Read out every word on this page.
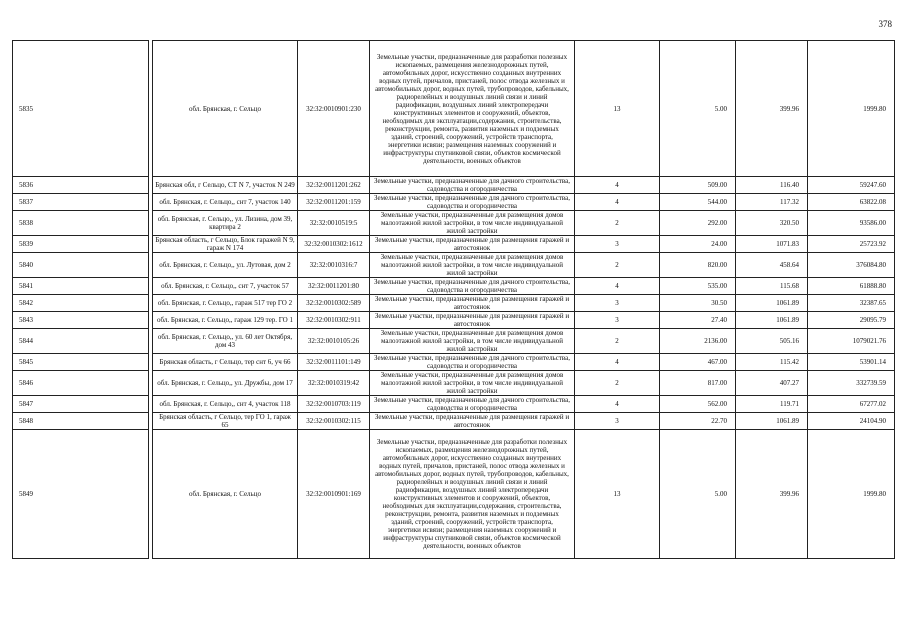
378
5835		обл. Брянская, г. Сельцо	32:32:0010901:230	Земельные участки, предназначенные для разработки полезных ископаемых, размещения железнодорожных путей, автомобильных дорог, искусственно созданных внутренних водных путей, причалов, пристаней, полос отвода железных и автомобильных дорог, водных путей, трубопроводов, кабельных, радиорелейных и воздушных линий связи и линий радиофикации, воздушных линий электропередачи конструктивных элементов и сооружений, объектов, необходимых для эксплуатации,содержания, строительства, реконструкции, ремонта, развития наземных и подземных зданий, строений, сооружений, устройств транспорта, энергетики исвязи; размещения наземных сооружений и инфраструктуры спутниковой связи, объектов космической деятельности, военных объектов	13	5.00	399.96	1999.80
5836		Брянская обл, г Сельцо, СТ N 7, участок N 249	32:32:0011201:262	Земельные участки, предназначенные для дачного строительства, садоводства и огородничества	4	509.00	116.40	59247.60
5837		обл. Брянская, г. Сельцо,, снт 7, участок 140	32:32:0011201:159	Земельные участки, предназначенные для дачного строительства, садоводства и огородничества	4	544.00	117.32	63822.08
5838		обл. Брянская, г. Сельцо,, ул. Лизина, дом 39, квартира 2	32:32:0010519:5	Земельные участки, предназначенные для размещения домов малоэтажной жилой застройки, в том числе индивидуальной жилой застройки	2	292.00	320.50	93586.00
5839		Брянская область, г Сельцо, Блок гаражей N 9, гараж N 174	32:32:0010302:1612	Земельные участки, предназначенные для размещения гаражей и автостоянок	3	24.00	1071.83	25723.92
5840		обл. Брянская, г. Сельцо,, ул. Лутовая, дом 2	32:32:0010316:7	Земельные участки, предназначенные для размещения домов малоэтажной жилой застройки, в том числе индивидуальной жилой застройки	2	820.00	458.64	376084.80
5841		обл. Брянская, г. Сельцо,, снт 7, участок 57	32:32:0011201:80	Земельные участки, предназначенные для дачного строительства, садоводства и огородничества	4	535.00	115.68	61888.80
5842		обл. Брянская, г. Сельцо,, гараж 517 тер ГО 2	32:32:0010302:589	Земельные участки, предназначенные для размещения гаражей и автостоянок	3	30.50	1061.89	32387.65
5843		обл. Брянская, г. Сельцо,, гараж 129 тер. ГО 1	32:32:0010302:911	Земельные участки, предназначенные для размещения гаражей и автостоянок	3	27.40	1061.89	29095.79
5844		обл. Брянская, г. Сельцо,, ул. 60 лет Октября, дом 43	32:32:0010105:26	Земельные участки, предназначенные для размещения домов малоэтажной жилой застройки, в том числе индивидуальной жилой застройки	2	2136.00	505.16	1079021.76
5845		Брянская область, г Сельцо, тер снт 6, уч 66	32:32:0011101:149	Земельные участки, предназначенные для дачного строительства, садоводства и огородничества	4	467.00	115.42	53901.14
5846		обл. Брянская, г. Сельцо,, ул. Дружбы, дом 17	32:32:0010319:42	Земельные участки, предназначенные для размещения домов малоэтажной жилой застройки, в том числе индивидуальной жилой застройки	2	817.00	407.27	332739.59
5847		обл. Брянская, г. Сельцо,, снт 4, участок 118	32:32:0010703:119	Земельные участки, предназначенные для дачного строительства, садоводства и огородничества	4	562.00	119.71	67277.02
5848		Брянская область, г Сельцо, тер ГО 1, гараж 65	32:32:0010302:115	Земельные участки, предназначенные для размещения гаражей и автостоянок	3	22.70	1061.89	24104.90
5849		обл. Брянская, г. Сельцо	32:32:0010901:169	Земельные участки, предназначенные для разработки полезных ископаемых, размещения железнодорожных путей, автомобильных дорог, искусственно созданных внутренних водных путей, причалов, пристаней, полос отвода железных и автомобильных дорог, водных путей, трубопроводов, кабельных, радиорелейных и воздушных линий связи и линий радиофикации, воздушных линий электропередачи конструктивных элементов и сооружений, объектов, необходимых для эксплуатации,содержания, строительства, реконструкции, ремонта, развития наземных и подземных зданий, строений, сооружений, устройств транспорта, энергетики исвязи; размещения наземных сооружений и инфраструктуры спутниковой связи, объектов космической деятельности, военных объектов	13	5.00	399.96	1999.80
